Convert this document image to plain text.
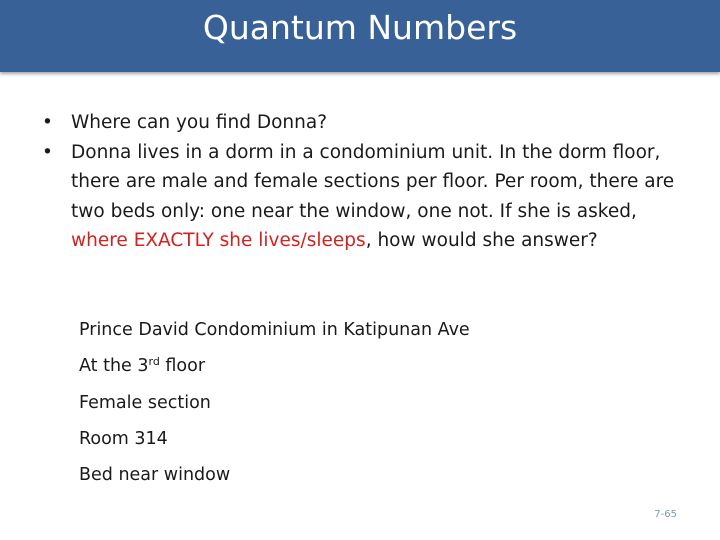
Quantum Numbers
• Where can you find Donna?
• Donna lives in a dorm in a condominium unit. In the dorm floor, there are male and female sections per floor. Per room, there are two beds only: one near the window, one not. If she is asked, where EXACTLY she lives/sleeps, how would she answer?
Prince David Condominium in Katipunan Ave
At the 3rd floor
Female section
Room 314
Bed near window
7-65
